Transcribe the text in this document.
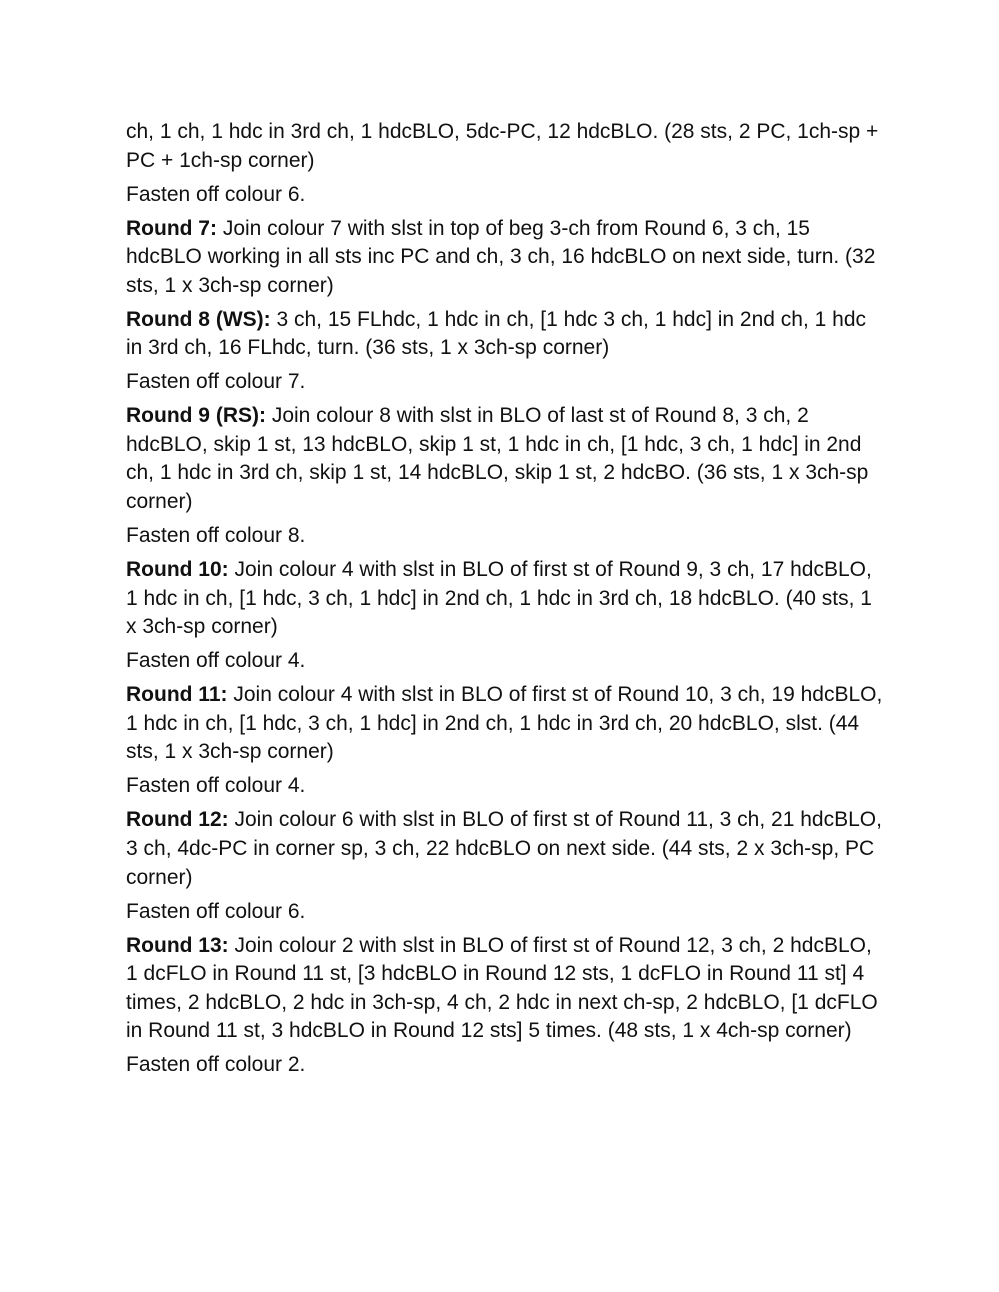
ch, 1 ch, 1 hdc in 3rd ch, 1 hdcBLO, 5dc-PC, 12 hdcBLO. (28 sts, 2 PC, 1ch-sp + PC + 1ch-sp corner)

Fasten off colour 6.

Round 7: Join colour 7 with slst in top of beg 3-ch from Round 6, 3 ch, 15 hdcBLO working in all sts inc PC and ch, 3 ch, 16 hdcBLO on next side, turn. (32 sts, 1 x 3ch-sp corner)

Round 8 (WS): 3 ch, 15 FLhdc, 1 hdc in ch, [1 hdc 3 ch, 1 hdc] in 2nd ch, 1 hdc in 3rd ch, 16 FLhdc, turn. (36 sts, 1 x 3ch-sp corner)

Fasten off colour 7.

Round 9 (RS): Join colour 8 with slst in BLO of last st of Round 8, 3 ch, 2 hdcBLO, skip 1 st, 13 hdcBLO, skip 1 st, 1 hdc in ch, [1 hdc, 3 ch, 1 hdc] in 2nd ch, 1 hdc in 3rd ch, skip 1 st, 14 hdcBLO, skip 1 st, 2 hdcBO. (36 sts, 1 x 3ch-sp corner)

Fasten off colour 8.

Round 10: Join colour 4 with slst in BLO of first st of Round 9, 3 ch, 17 hdcBLO, 1 hdc in ch, [1 hdc, 3 ch, 1 hdc] in 2nd ch, 1 hdc in 3rd ch, 18 hdcBLO. (40 sts, 1 x 3ch-sp corner)

Fasten off colour 4.

Round 11: Join colour 4 with slst in BLO of first st of Round 10, 3 ch, 19 hdcBLO, 1 hdc in ch, [1 hdc, 3 ch, 1 hdc] in 2nd ch, 1 hdc in 3rd ch, 20 hdcBLO, slst. (44 sts, 1 x 3ch-sp corner)

Fasten off colour 4.

Round 12: Join colour 6 with slst in BLO of first st of Round 11, 3 ch, 21 hdcBLO, 3 ch, 4dc-PC in corner sp, 3 ch, 22 hdcBLO on next side. (44 sts, 2 x 3ch-sp, PC corner)

Fasten off colour 6.

Round 13: Join colour 2 with slst in BLO of first st of Round 12, 3 ch, 2 hdcBLO, 1 dcFLO in Round 11 st, [3 hdcBLO in Round 12 sts, 1 dcFLO in Round 11 st] 4 times, 2 hdcBLO, 2 hdc in 3ch-sp, 4 ch, 2 hdc in next ch-sp, 2 hdcBLO, [1 dcFLO in Round 11 st, 3 hdcBLO in Round 12 sts] 5 times. (48 sts, 1 x 4ch-sp corner)

Fasten off colour 2.
